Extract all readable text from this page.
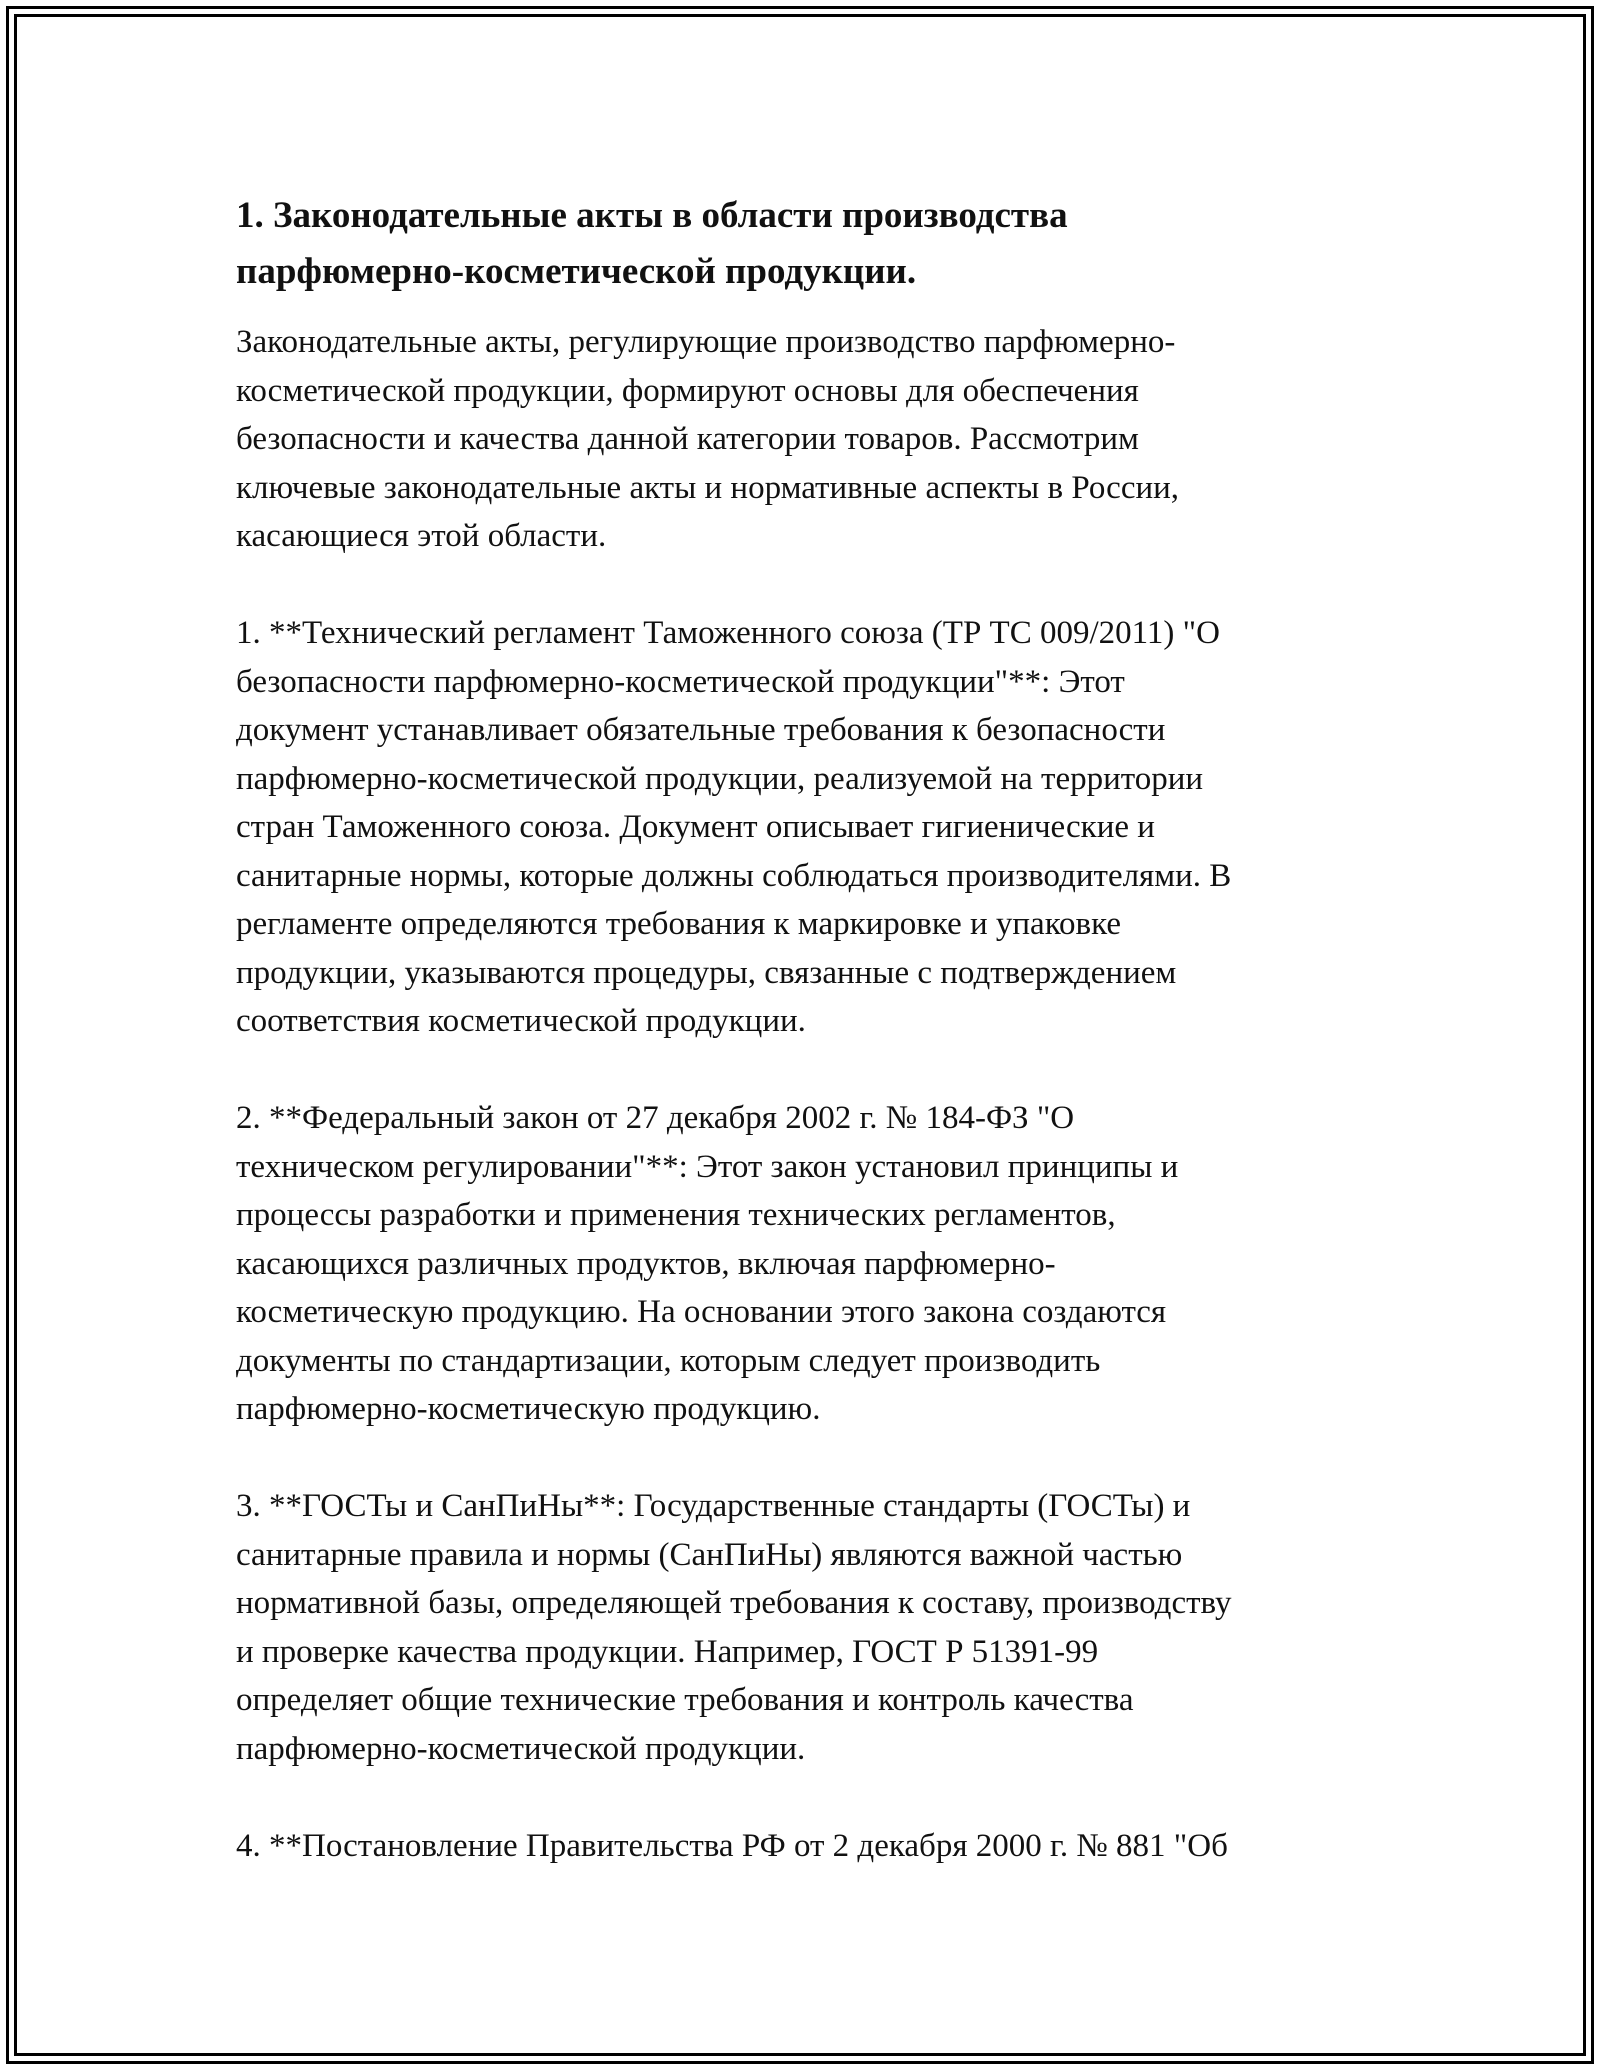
1. Законодательные акты в области производства
парфюмерно-косметической продукции.

Законодательные акты, регулирующие производство парфюмерно-
косметической продукции, формируют основы для обеспечения
безопасности и качества данной категории товаров. Рассмотрим
ключевые законодательные акты и нормативные аспекты в России,
касающиеся этой области.

1. **Технический регламент Таможенного союза (ТР ТС 009/2011) "О
безопасности парфюмерно-косметической продукции"**: Этот
документ устанавливает обязательные требования к безопасности
парфюмерно-косметической продукции, реализуемой на территории
стран Таможенного союза. Документ описывает гигиенические и
санитарные нормы, которые должны соблюдаться производителями. В
регламенте определяются требования к маркировке и упаковке
продукции, указываются процедуры, связанные с подтверждением
соответствия косметической продукции.

2. **Федеральный закон от 27 декабря 2002 г. № 184-ФЗ "О
техническом регулировании"**: Этот закон установил принципы и
процессы разработки и применения технических регламентов,
касающихся различных продуктов, включая парфюмерно-
косметическую продукцию. На основании этого закона создаются
документы по стандартизации, которым следует производить
парфюмерно-косметическую продукцию.

3. **ГОСТы и СанПиНы**: Государственные стандарты (ГОСТы) и
санитарные правила и нормы (СанПиНы) являются важной частью
нормативной базы, определяющей требования к составу, производству
и проверке качества продукции. Например, ГОСТ Р 51391-99
определяет общие технические требования и контроль качества
парфюмерно-косметической продукции.

4. **Постановление Правительства РФ от 2 декабря 2000 г. № 881 "Об
